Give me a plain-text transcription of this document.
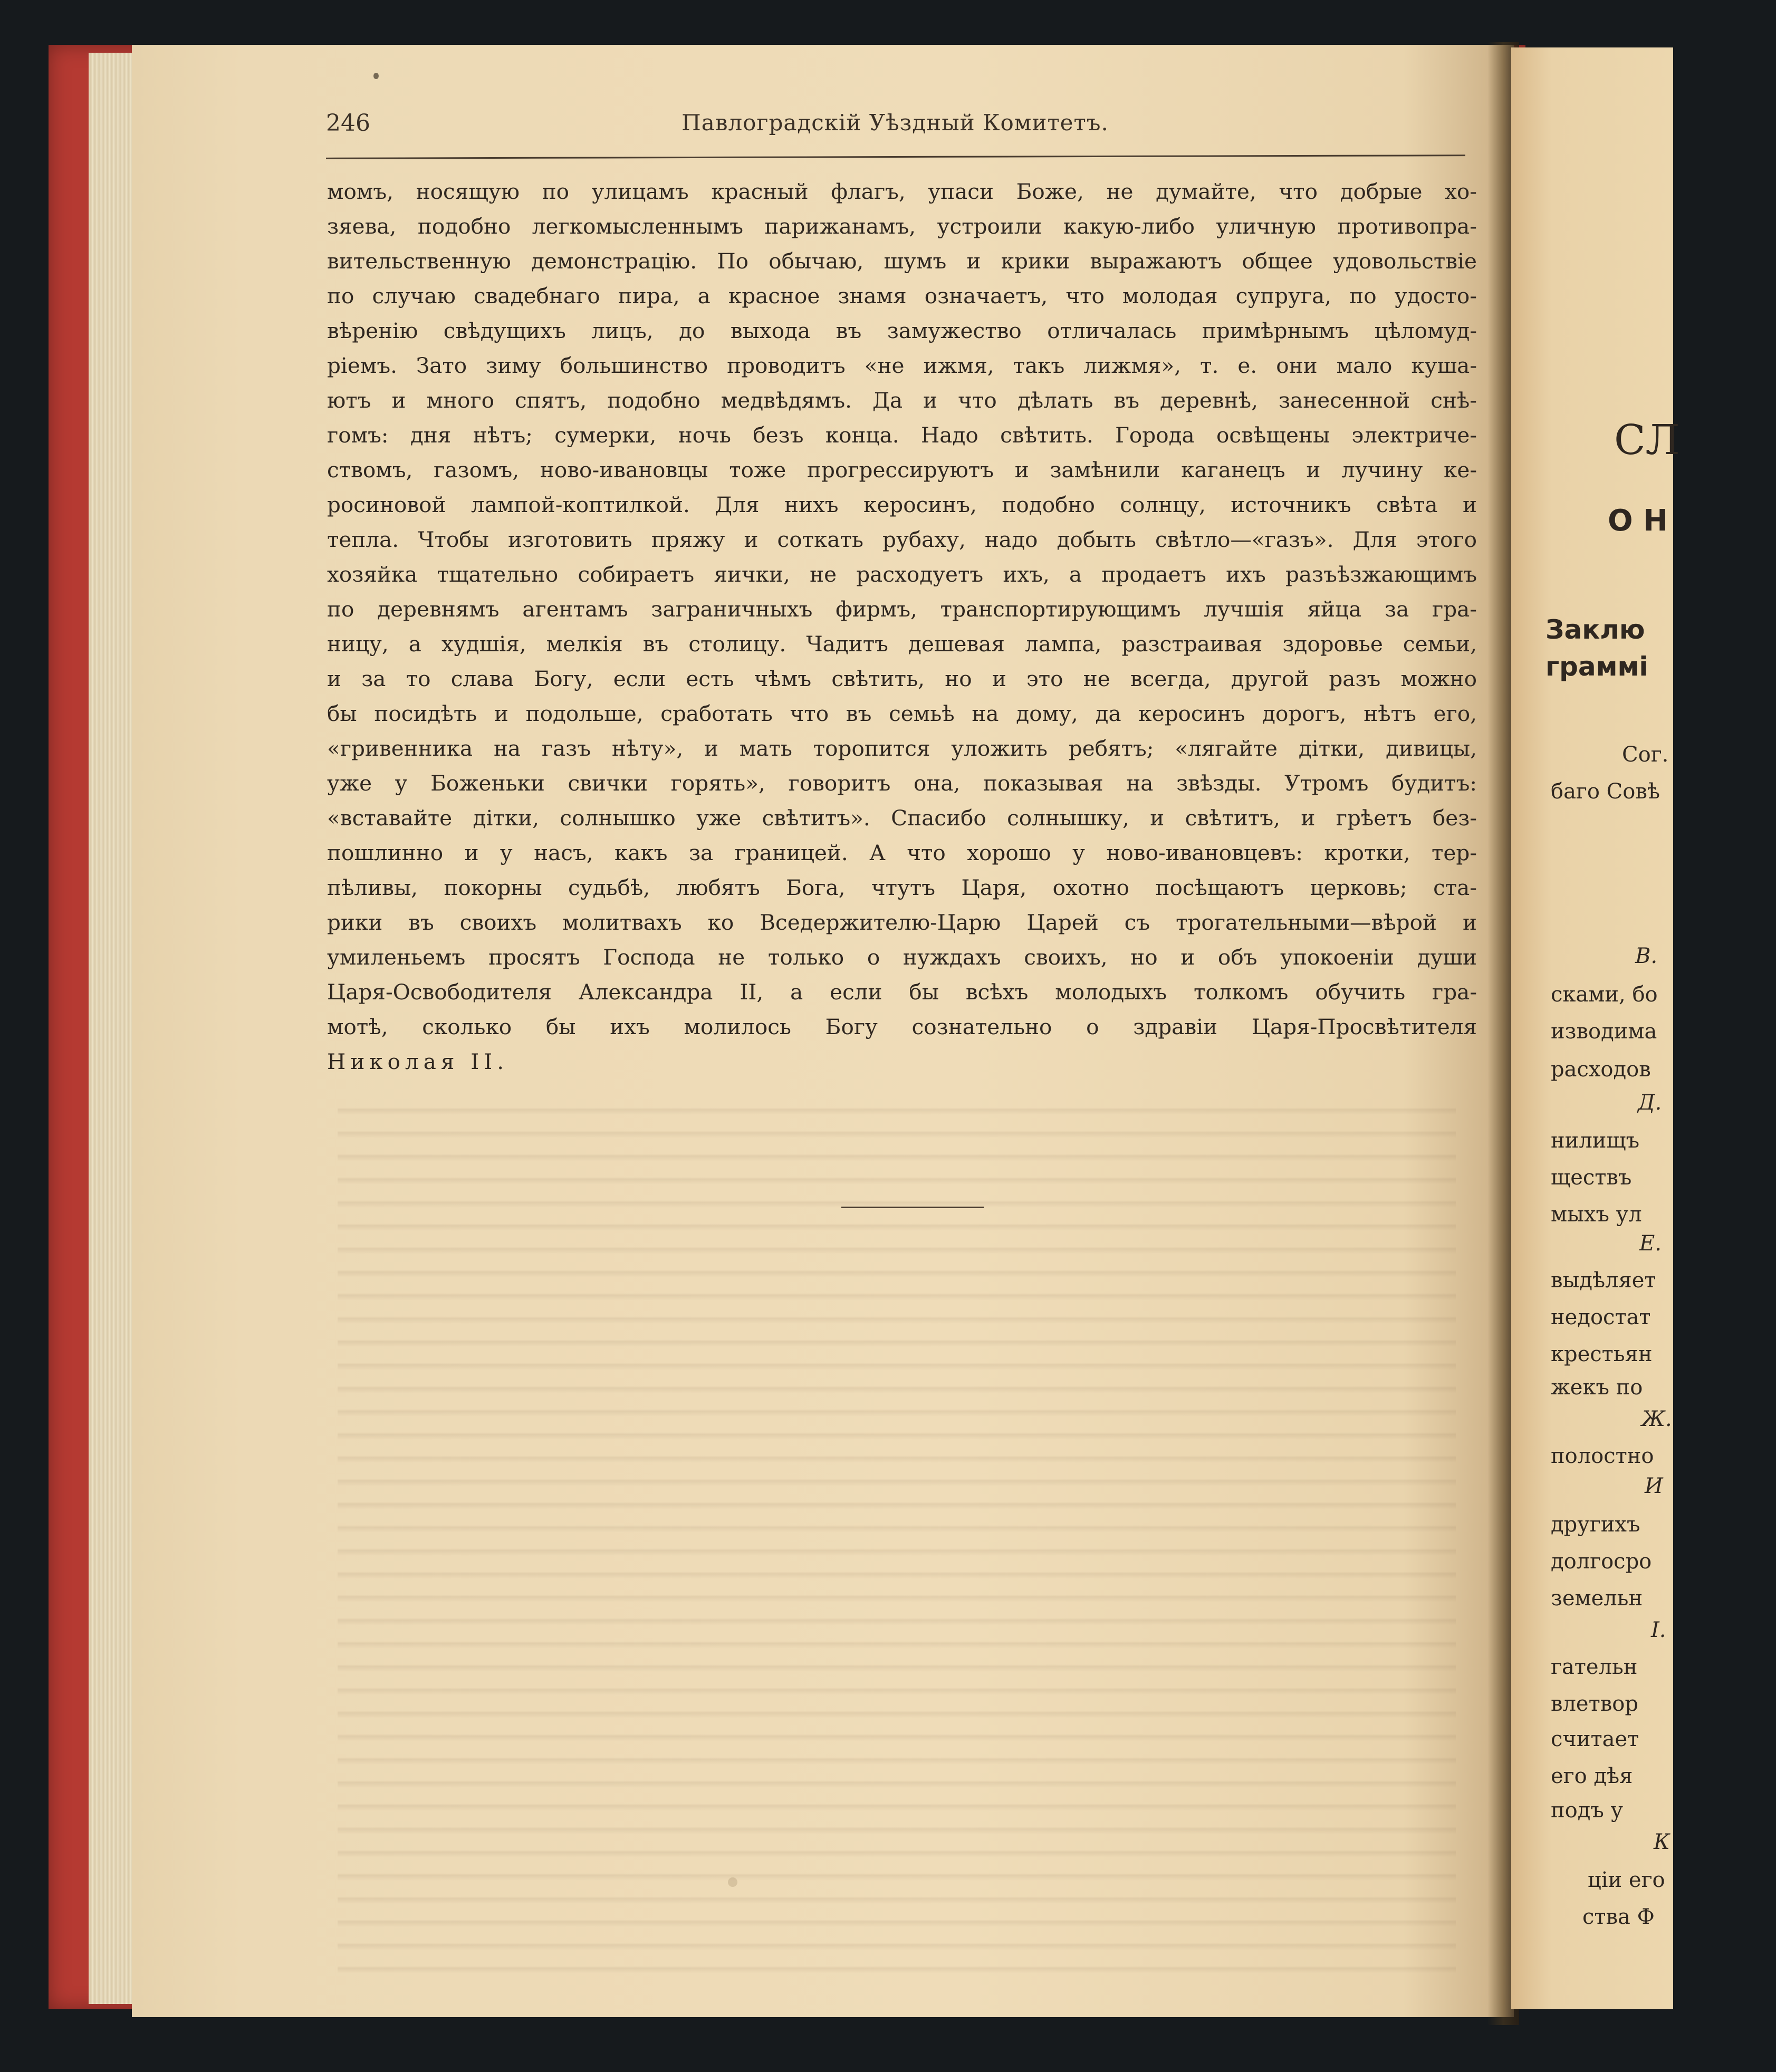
246	Павлоградскій Уѣздный Комитетъ.
момъ, носящую по улицамъ красный флагъ, упаси Боже, не думайте, что добрые хо-
зяева, подобно легкомысленнымъ парижанамъ, устроили какую-либо уличную противопра-
вительственную демонстрацію. По обычаю, шумъ и крики выражаютъ общее удовольствіе
по случаю свадебнаго пира, а красное знамя означаетъ, что молодая супруга, по удосто-
вѣренію свѣдущихъ лицъ, до выхода въ замужество отличалась примѣрнымъ цѣломуд-
ріемъ. Зато зиму большинство проводитъ «не ижмя, такъ лижмя», т. е. они мало куша-
ютъ и много спятъ, подобно медвѣдямъ. Да и что дѣлать въ деревнѣ, занесенной снѣ-
гомъ: дня нѣтъ; сумерки, ночь безъ конца. Надо свѣтить. Города освѣщены электриче-
ствомъ, газомъ, ново-ивановцы тоже прогрессируютъ и замѣнили каганецъ и лучину ке-
росиновой лампой-коптилкой. Для нихъ керосинъ, подобно солнцу, источникъ свѣта и
тепла. Чтобы изготовить пряжу и соткать рубаху, надо добыть свѣтло—«газъ». Для этого
хозяйка тщательно собираетъ яички, не расходуетъ ихъ, а продаетъ ихъ разъѣзжающимъ
по деревнямъ агентамъ заграничныхъ фирмъ, транспортирующимъ лучшія яйца за гра-
ницу, а худшія, мелкія въ столицу. Чадитъ дешевая лампа, разстраивая здоровье семьи,
и за то слава Богу, если есть чѣмъ свѣтить, но и это не всегда, другой разъ можно
бы посидѣть и подольше, сработать что въ семьѣ на дому, да керосинъ дорогъ, нѣтъ его,
«гривенника на газъ нѣту», и мать торопится уложить ребятъ; «лягайте дітки, дивицы,
уже у Боженьки свички горять», говоритъ она, показывая на звѣзды. Утромъ будитъ:
«вставайте дітки, солнышко уже свѣтитъ». Спасибо солнышку, и свѣтитъ, и грѣетъ без-
пошлинно и у насъ, какъ за границей. А что хорошо у ново-ивановцевъ: кротки, тер-
пѣливы, покорны судьбѣ, любятъ Бога, чтутъ Царя, охотно посѣщаютъ церковь; ста-
рики въ своихъ молитвахъ ко Вседержителю-Царю Царей съ трогательными—вѣрой и
умиленьемъ просятъ Господа не только о нуждахъ своихъ, но и объ упокоеніи души
Царя-Освободителя Александра II, а если бы всѣхъ молодыхъ толкомъ обучить гра-
мотѣ, сколько бы ихъ молилось Богу сознательно о здравіи Царя-Просвѣтителя
Николая II.
СЛ
О Н
Заклю
граммі
Сог.
баго Совѣ
В.
сками, бо
изводима
расходов
Д.
нилищъ
ществъ
мыхъ ул
Е.
выдѣляет
недостат
крестьян
жекъ по
Ж.
полостно
И
другихъ
долгосро
земельн
І.
гательн
влетвор
считает
его дѣя
подъ у
К
ціи его
ства Ф
